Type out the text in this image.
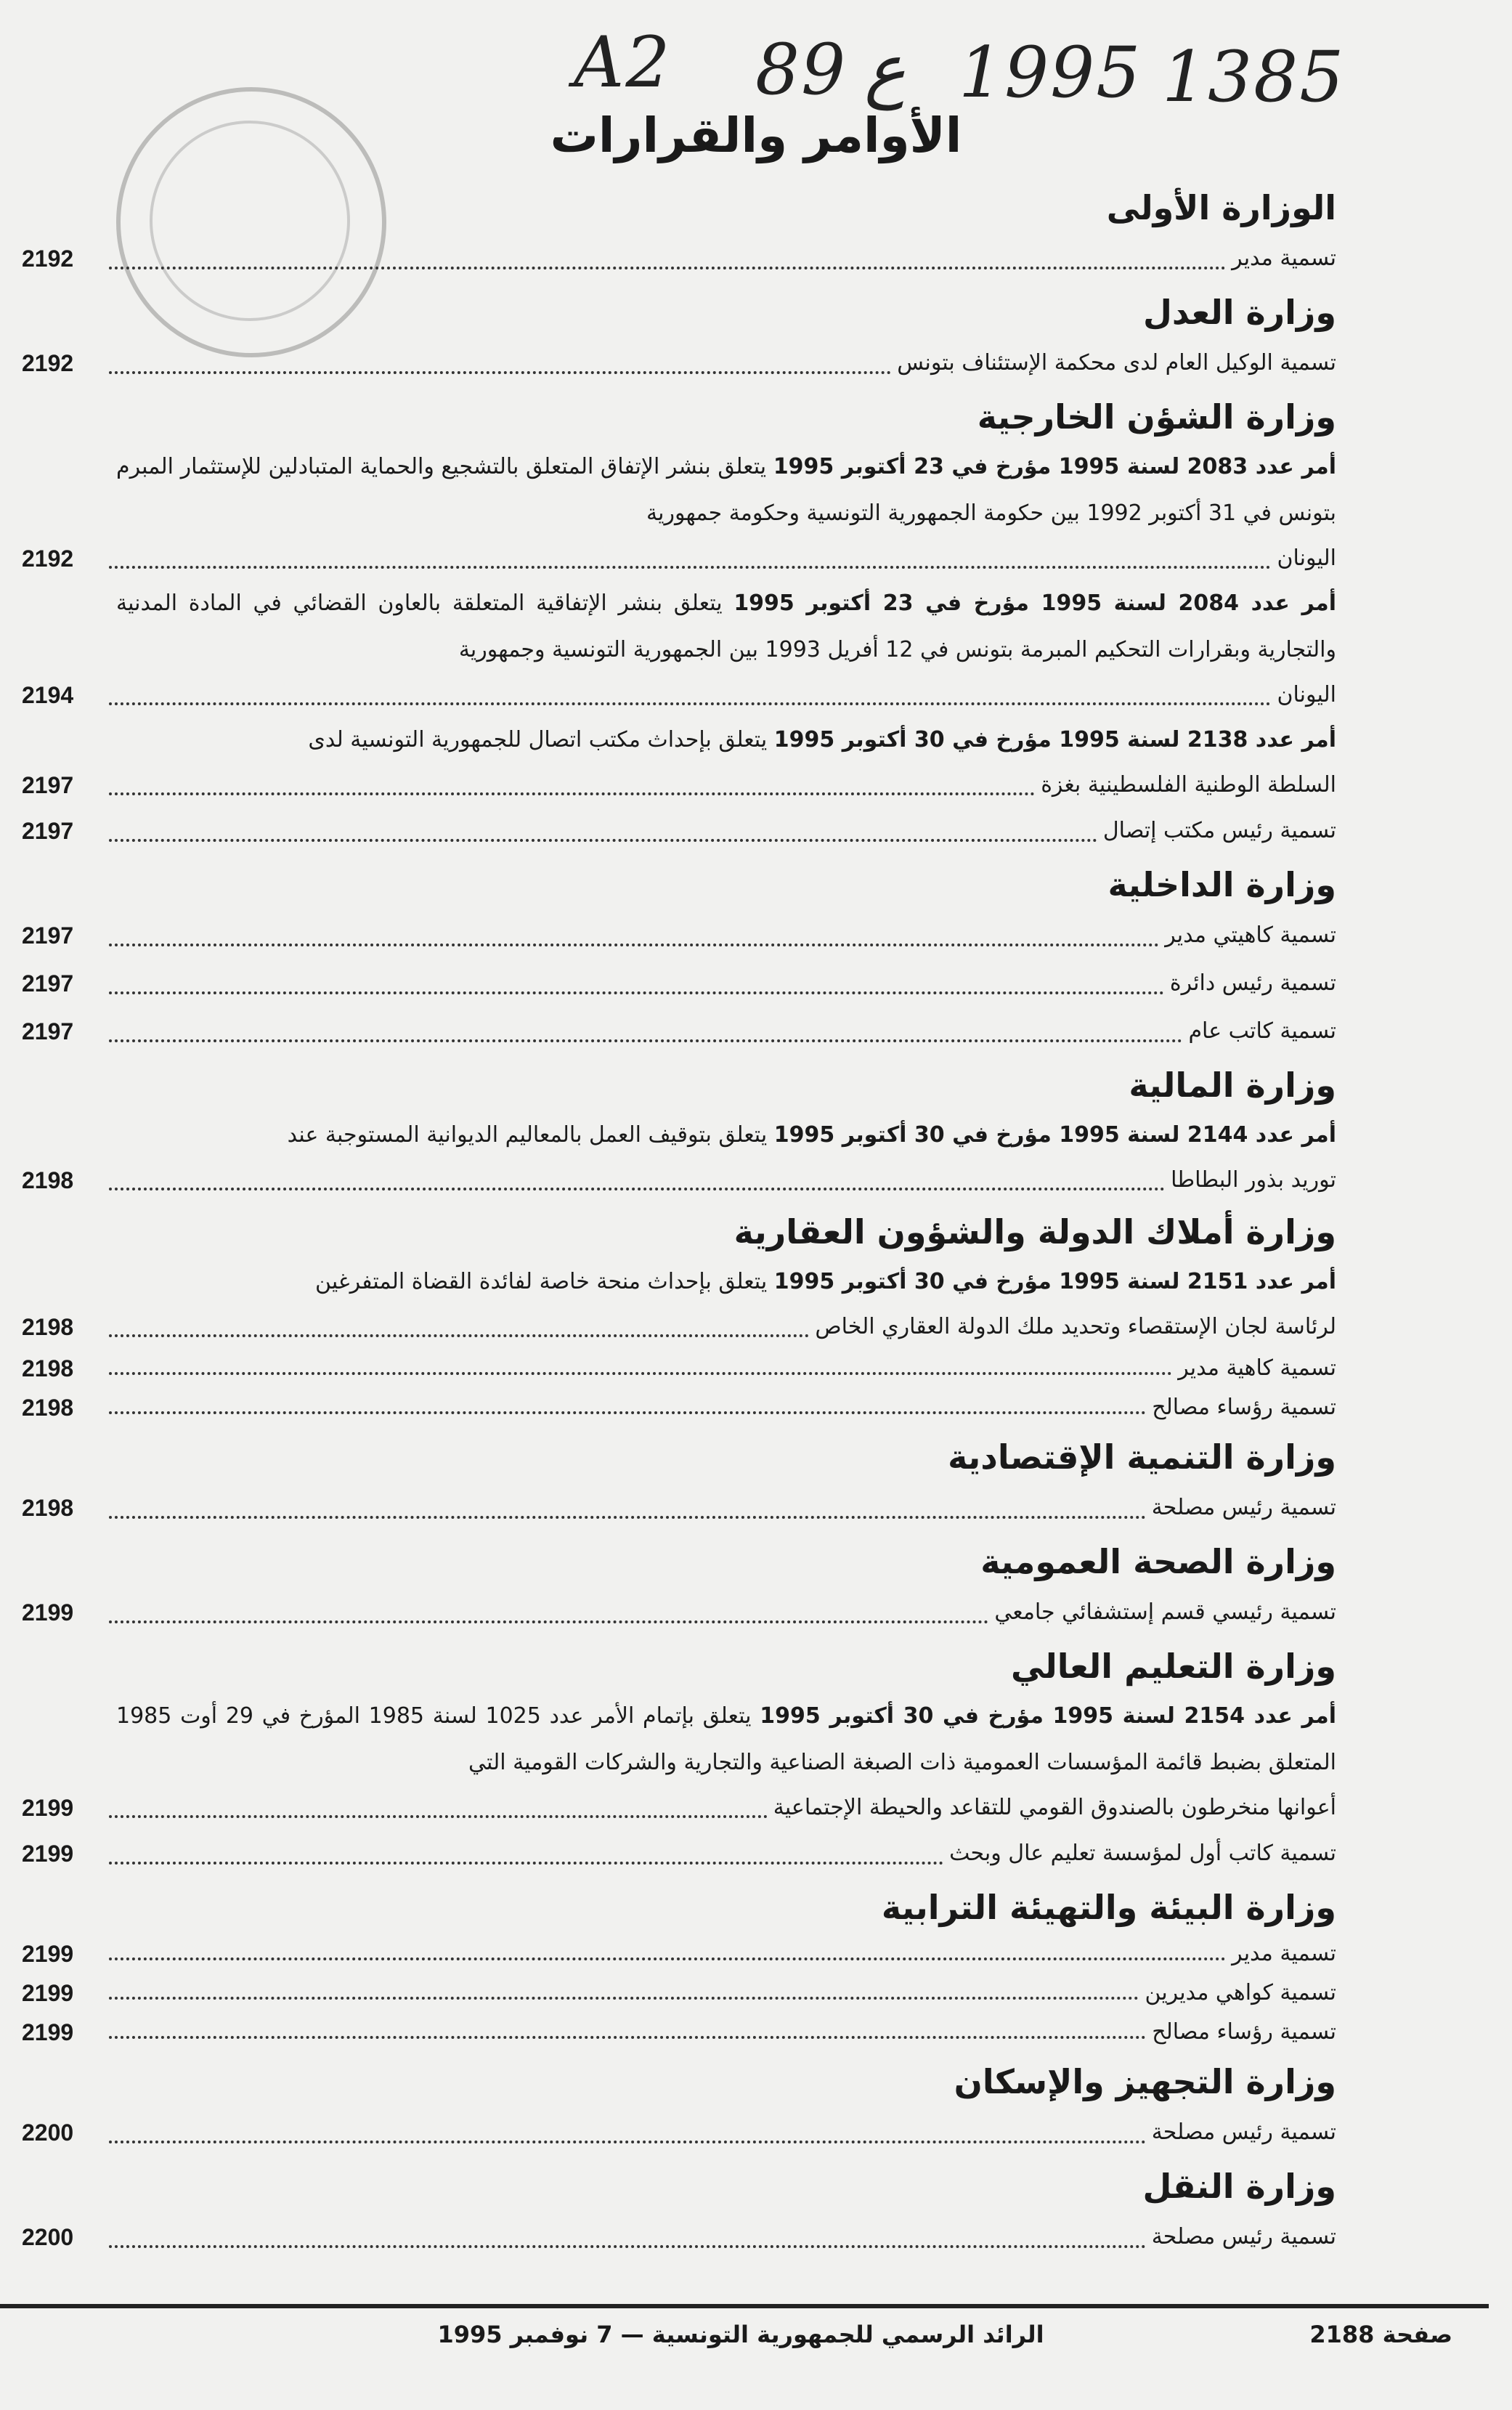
A2 89 ع 1995 1385
الأوامر والقرارات
الوزارة الأولى
تسمية مدير
2192
وزارة العدل
تسمية الوكيل العام لدى محكمة الإستئناف بتونس
2192
وزارة الشؤن الخارجية
أمر عدد 2083 لسنة 1995 مؤرخ في 23 أكتوبر 1995 يتعلق بنشر الإتفاق المتعلق بالتشجيع والحماية المتبادلين للإستثمار المبرم بتونس في 31 أكتوبر 1992 بين حكومة الجمهورية التونسية وحكومة جمهورية
اليونان
2192
أمر عدد 2084 لسنة 1995 مؤرخ في 23 أكتوبر 1995 يتعلق بنشر الإتفاقية المتعلقة بالعاون القضائي في المادة المدنية والتجارية وبقرارات التحكيم المبرمة بتونس في 12 أفريل 1993 بين الجمهورية التونسية وجمهورية
اليونان
2194
أمر عدد 2138 لسنة 1995 مؤرخ في 30 أكتوبر 1995 يتعلق بإحداث مكتب اتصال للجمهورية التونسية لدى
السلطة الوطنية الفلسطينية بغزة
2197
تسمية رئيس مكتب إتصال
2197
وزارة الداخلية
تسمية كاهيتي مدير
2197
تسمية رئيس دائرة
2197
تسمية كاتب عام
2197
وزارة المالية
أمر عدد 2144 لسنة 1995 مؤرخ في 30 أكتوبر 1995 يتعلق بتوقيف العمل بالمعاليم الديوانية المستوجبة عند
توريد بذور البطاطا
2198
وزارة أملاك الدولة والشؤون العقارية
أمر عدد 2151 لسنة 1995 مؤرخ في 30 أكتوبر 1995 يتعلق بإحداث منحة خاصة لفائدة القضاة المتفرغين
لرئاسة لجان الإستقصاء وتحديد ملك الدولة العقاري الخاص
2198
تسمية كاهية مدير
2198
تسمية رؤساء مصالح
2198
وزارة التنمية الإقتصادية
تسمية رئيس مصلحة
2198
وزارة الصحة العمومية
تسمية رئيسي قسم إستشفائي جامعي
2199
وزارة التعليم العالي
أمر عدد 2154 لسنة 1995 مؤرخ في 30 أكتوبر 1995 يتعلق بإتمام الأمر عدد 1025 لسنة 1985 المؤرخ في 29 أوت 1985 المتعلق بضبط قائمة المؤسسات العمومية ذات الصبغة الصناعية والتجارية والشركات القومية التي
أعوانها منخرطون بالصندوق القومي للتقاعد والحيطة الإجتماعية
2199
تسمية كاتب أول لمؤسسة تعليم عال وبحث
2199
وزارة البيئة والتهيئة الترابية
تسمية مدير
2199
تسمية كواهي مديرين
2199
تسمية رؤساء مصالح
2199
وزارة التجهيز والإسكان
تسمية رئيس مصلحة
2200
وزارة النقل
تسمية رئيس مصلحة
2200
صفحة 2188
الرائد الرسمي للجمهورية التونسية — 7 نوفمبر 1995
